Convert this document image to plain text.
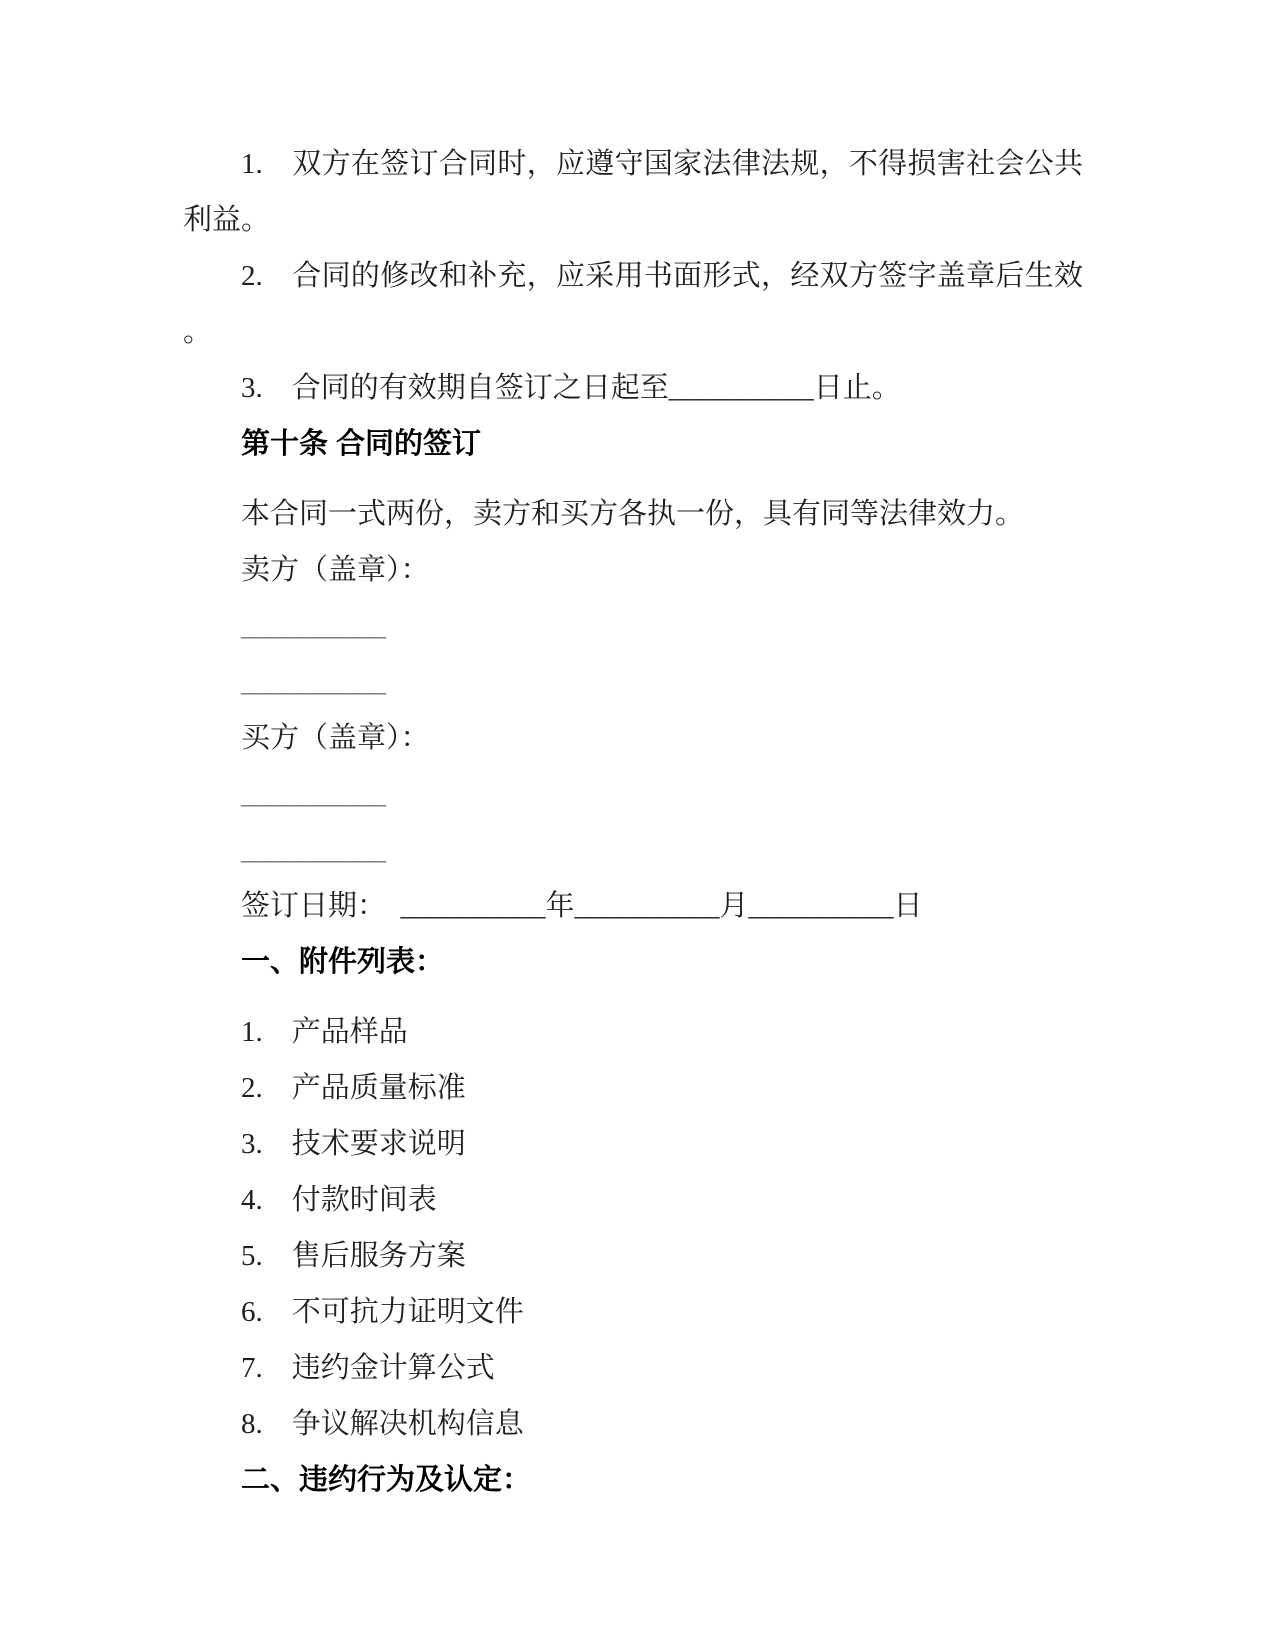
1.　双方在签订合同时，应遵守国家法律法规，不得损害社会公共利益。
2.　合同的修改和补充，应采用书面形式，经双方签字盖章后生效。
3.　合同的有效期自签订之日起至__________日止。
第十条 合同的签订
本合同一式两份，卖方和买方各执一份，具有同等法律效力。
卖方（盖章）：
__________
__________
买方（盖章）：
__________
__________
签订日期：　__________年__________月__________日
一、附件列表：
1.　产品样品
2.　产品质量标准
3.　技术要求说明
4.　付款时间表
5.　售后服务方案
6.　不可抗力证明文件
7.　违约金计算公式
8.　争议解决机构信息
二、违约行为及认定：
